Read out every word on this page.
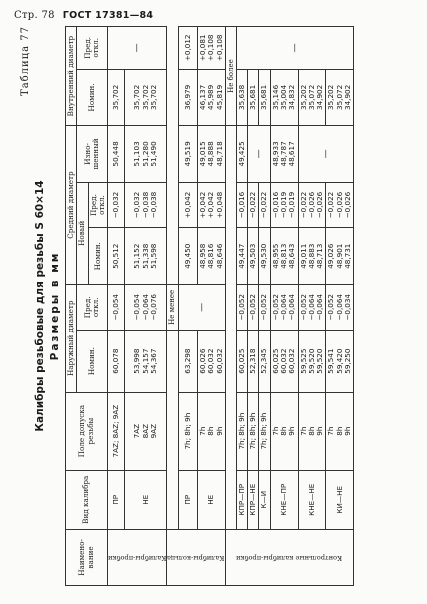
Стр. 78 ГОСТ 17381—84
Таблица 77
Калибры резьбовые для резьбы S 60×14 Размеры в мм
Наимено-вание	Вид калибра	Поле допуска резьбы	Наружный диаметр		Средний диаметр			Внутренний диаметр	
			Номин.	Пред. откл.	Новый		Изно-шенный	Номин.	Пред. откл.
					Номин.	Пред. откл.			

Калибры-пробки	ПР	7AZ; 8AZ; 9AZ	60,078	−0,054	50,512	−0,032	50,448	35,702	—
	НЕ	7AZ 8AZ 9AZ	53,998 54,157 54,367	−0,054 −0,064 −0,076	51,152 51,338 51,598	−0,032 −0,038 −0,038	51,103 51,280 51,490	35,702 35,702 35,702	

Калибры-кольца				Не менее					
	ПР	7h; 8h; 9h	63,298	—	49,450	+0,042	49,519	36,979	+0,012

	НЕ	7h 8h 9h	60,026 60,032 60,032		48,958 48,816 48,646	+0,042 +0,042 +0,048	49,015 48,888 48,718	46,137 45,989 45,819	+0,081 +0,108 +0,108

Контрольные калибры-пробки								Не более	
	КПР—ПР	7h; 8h; 9h	60,025	−0,052	49,447	−0,016	49,425	35,638	—
	КПР—НЕ	7h; 8h; 9h	52,318	−0,052	49,503	−0,022	—	35,681	

	К—И	7h; 8h; 9h	52,345	−0,052	49,530	−0,022		35,681	

	КНЕ—ПР	7h 8h 9h	60,025 60,032 60,032	−0,052 −0,064 −0,064	48,955 48,813 48,643	−0,016 −0,019 −0,019	48,933 48,787 48,617	35,146 35,004 34,832	

	КНЕ—НЕ	7h 8h 9h	59,525 59,520 59,520	−0,052 −0,064 −0,064	49,011 48,883 48,713	−0,022 −0,026 −0,026	—	35,202 35,072 34,902	

	КИ—НЕ	7h 8h 9h	59,541 59,420 59,250	−0,052 −0,064 −0,034	49,026 48,901 48,731	−0,022 −0,026 −0,026		35,202 35,072 34,902	
